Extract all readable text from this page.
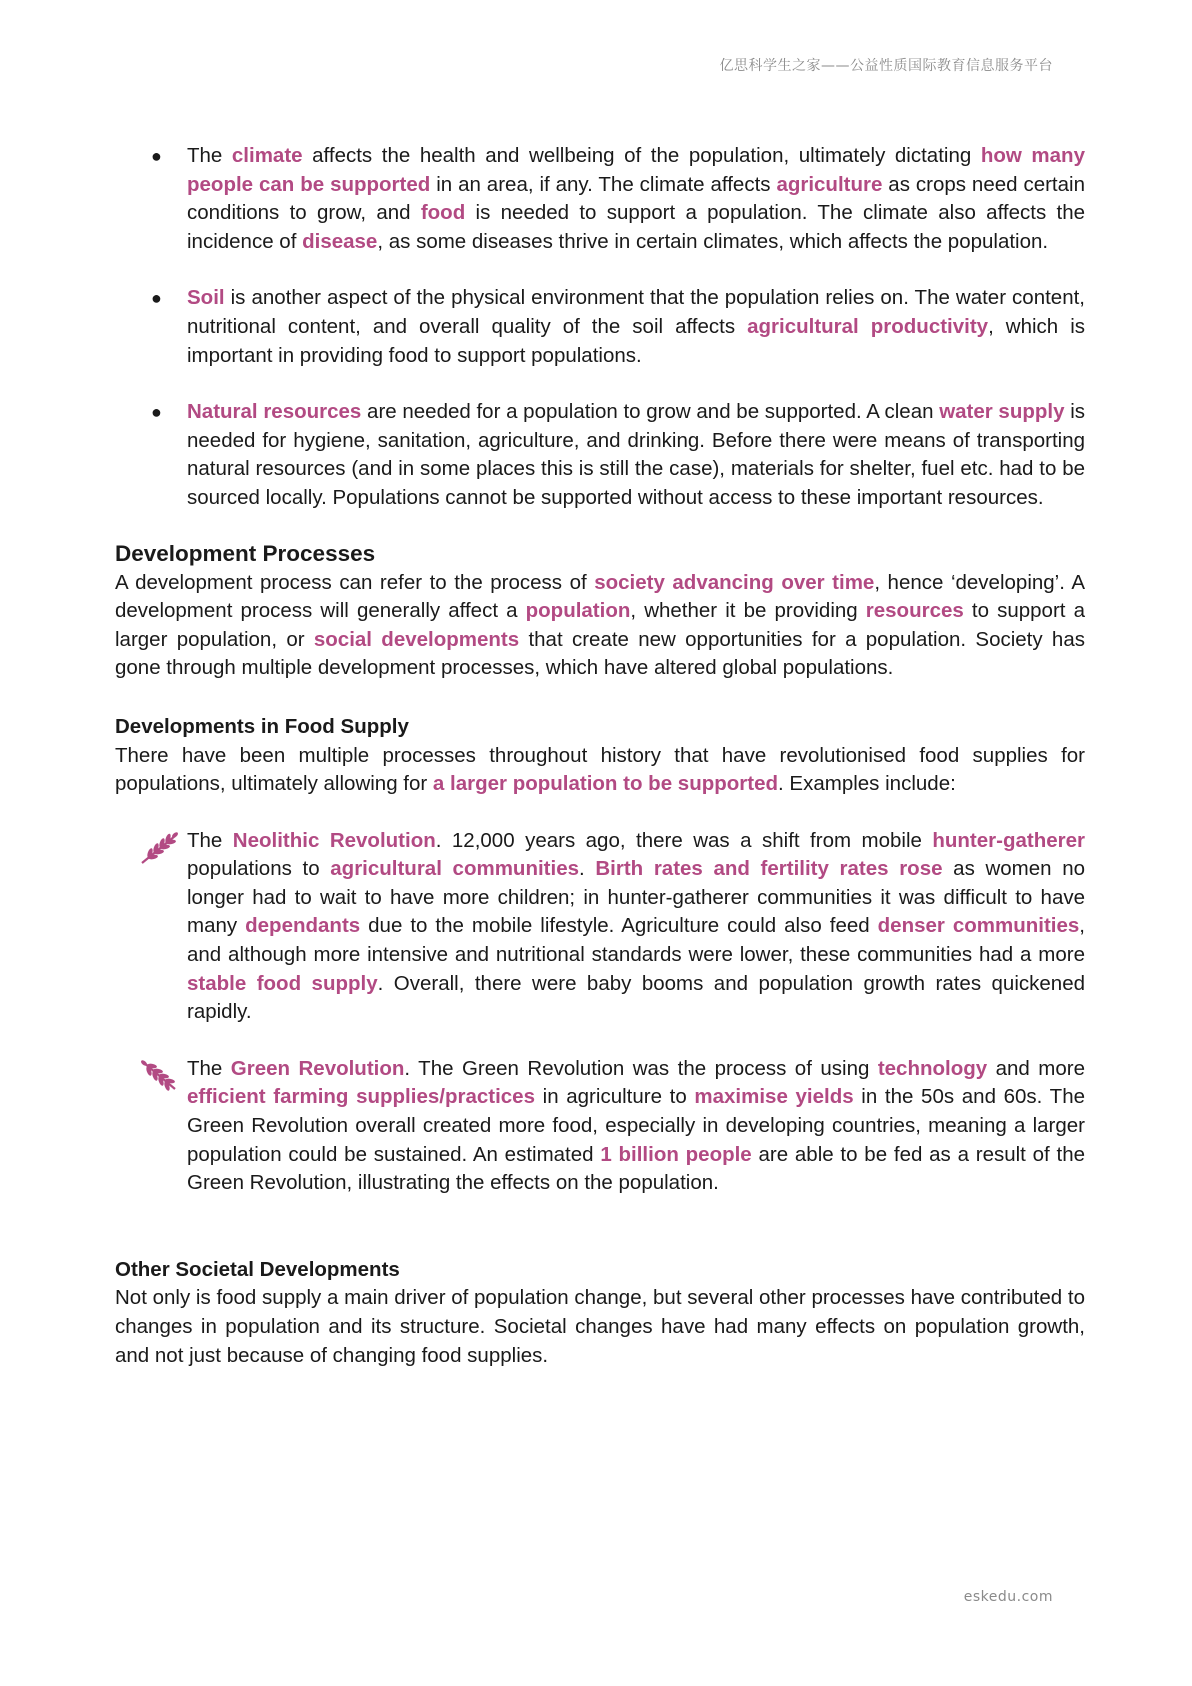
亿思科学生之家——公益性质国际教育信息服务平台
● The climate affects the health and wellbeing of the population, ultimately dictating how many people can be supported in an area, if any. The climate affects agriculture as crops need certain conditions to grow, and food is needed to support a population. The climate also affects the incidence of disease, as some diseases thrive in certain climates, which affects the population.

● Soil is another aspect of the physical environment that the population relies on. The water content, nutritional content, and overall quality of the soil affects agricultural productivity, which is important in providing food to support populations.

● Natural resources are needed for a population to grow and be supported. A clean water supply is needed for hygiene, sanitation, agriculture, and drinking. Before there were means of transporting natural resources (and in some places this is still the case), materials for shelter, fuel etc. had to be sourced locally. Populations cannot be supported without access to these important resources.

Development Processes

A development process can refer to the process of society advancing over time, hence ‘developing’. A development process will generally affect a population, whether it be providing resources to support a larger population, or social developments that create new opportunities for a population. Society has gone through multiple development processes, which have altered global populations.

Developments in Food Supply

There have been multiple processes throughout history that have revolutionised food supplies for populations, ultimately allowing for a larger population to be supported. Examples include:

The Neolithic Revolution. 12,000 years ago, there was a shift from mobile hunter-gatherer populations to agricultural communities. Birth rates and fertility rates rose as women no longer had to wait to have more children; in hunter-gatherer communities it was difficult to have many dependants due to the mobile lifestyle. Agriculture could also feed denser communities, and although more intensive and nutritional standards were lower, these communities had a more stable food supply. Overall, there were baby booms and population growth rates quickened rapidly.

The Green Revolution. The Green Revolution was the process of using technology and more efficient farming supplies/practices in agriculture to maximise yields in the 50s and 60s. The Green Revolution overall created more food, especially in developing countries, meaning a larger population could be sustained. An estimated 1 billion people are able to be fed as a result of the Green Revolution, illustrating the effects on the population.

Other Societal Developments

Not only is food supply a main driver of population change, but several other processes have contributed to changes in population and its structure. Societal changes have had many effects on population growth, and not just because of changing food supplies.

eskedu.com
